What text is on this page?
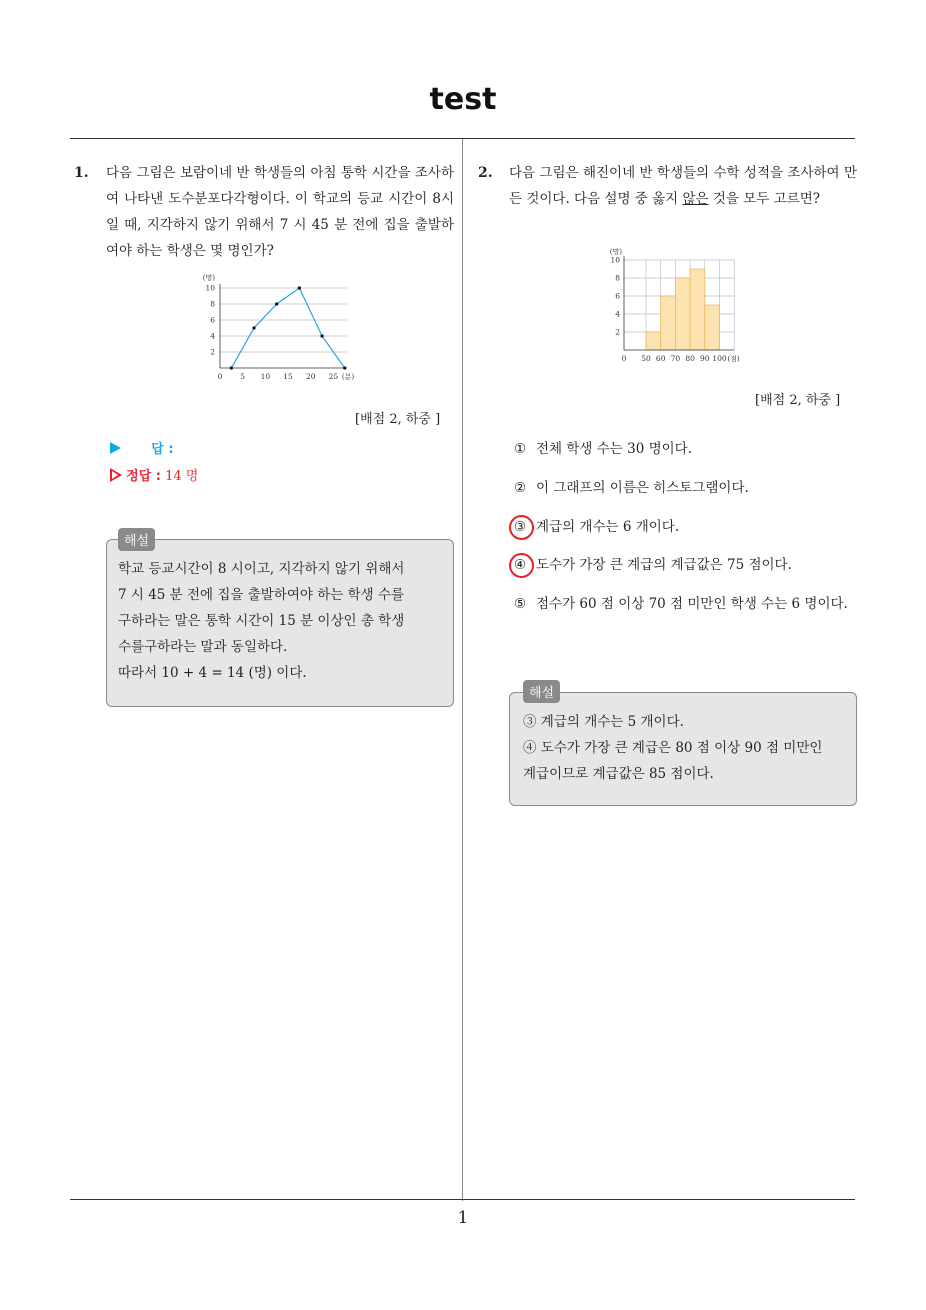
test
1. 다음 그림은 보람이네 반 학생들의 아침 통학 시간을 조사하여 나타낸 도수분포다각형이다. 이 학교의 등교 시간이 8시 일 때, 지각하지 않기 위해서 7 시 45 분 전에 집을 출발하여야 하는 학생은 몇 명인가?
2
4
6
8
10
(명)
0 5 10 15 20 25 (분)
[배점 2, 하중 ]
답 :
정답 : 14 명
학교 등교시간이 8 시이고, 지각하지 않기 위해서
7 시 45 분 전에 집을 출발하여야 하는 학생 수를
구하라는 말은 통학 시간이 15 분 이상인 총 학생
수를구하라는 말과 동일하다.
따라서 10 + 4 = 14 (명) 이다.
해설
2. 다음 그림은 해진이네 반 학생들의 수학 성적을 조사하여 만든 것이다. 다음 설명 중 옳지 않은 것을 모두 고르면?
2
4
6
8
10
(명)
0 50 60 70 80 90 100 (점)
[배점 2, 하중 ]
① 전체 학생 수는 30 명이다.
② 이 그래프의 이름은 히스토그램이다.
③ 계급의 개수는 6 개이다.
④ 도수가 가장 큰 계급의 계급값은 75 점이다.
⑤ 점수가 60 점 이상 70 점 미만인 학생 수는 6 명이다.
③ 계급의 개수는 5 개이다.
④ 도수가 가장 큰 계급은 80 점 이상 90 점 미만인
계급이므로 계급값은 85 점이다.
해설
1
